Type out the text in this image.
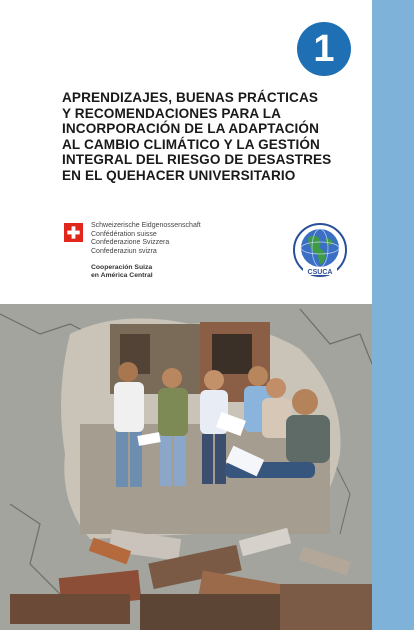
1
APRENDIZAJES, BUENAS PRÁCTICAS
Y RECOMENDACIONES PARA LA
INCORPORACIÓN DE LA ADAPTACIÓN
AL CAMBIO CLIMÁTICO Y LA GESTIÓN
INTEGRAL DEL RIESGO DE DESASTRES
EN EL QUEHACER UNIVERSITARIO
Schweizerische Eidgenossenschaft
Confédération suisse
Confederazione Svizzera
Confederaziun svizra
Cooperación Suiza
en América Central	CSUCA
